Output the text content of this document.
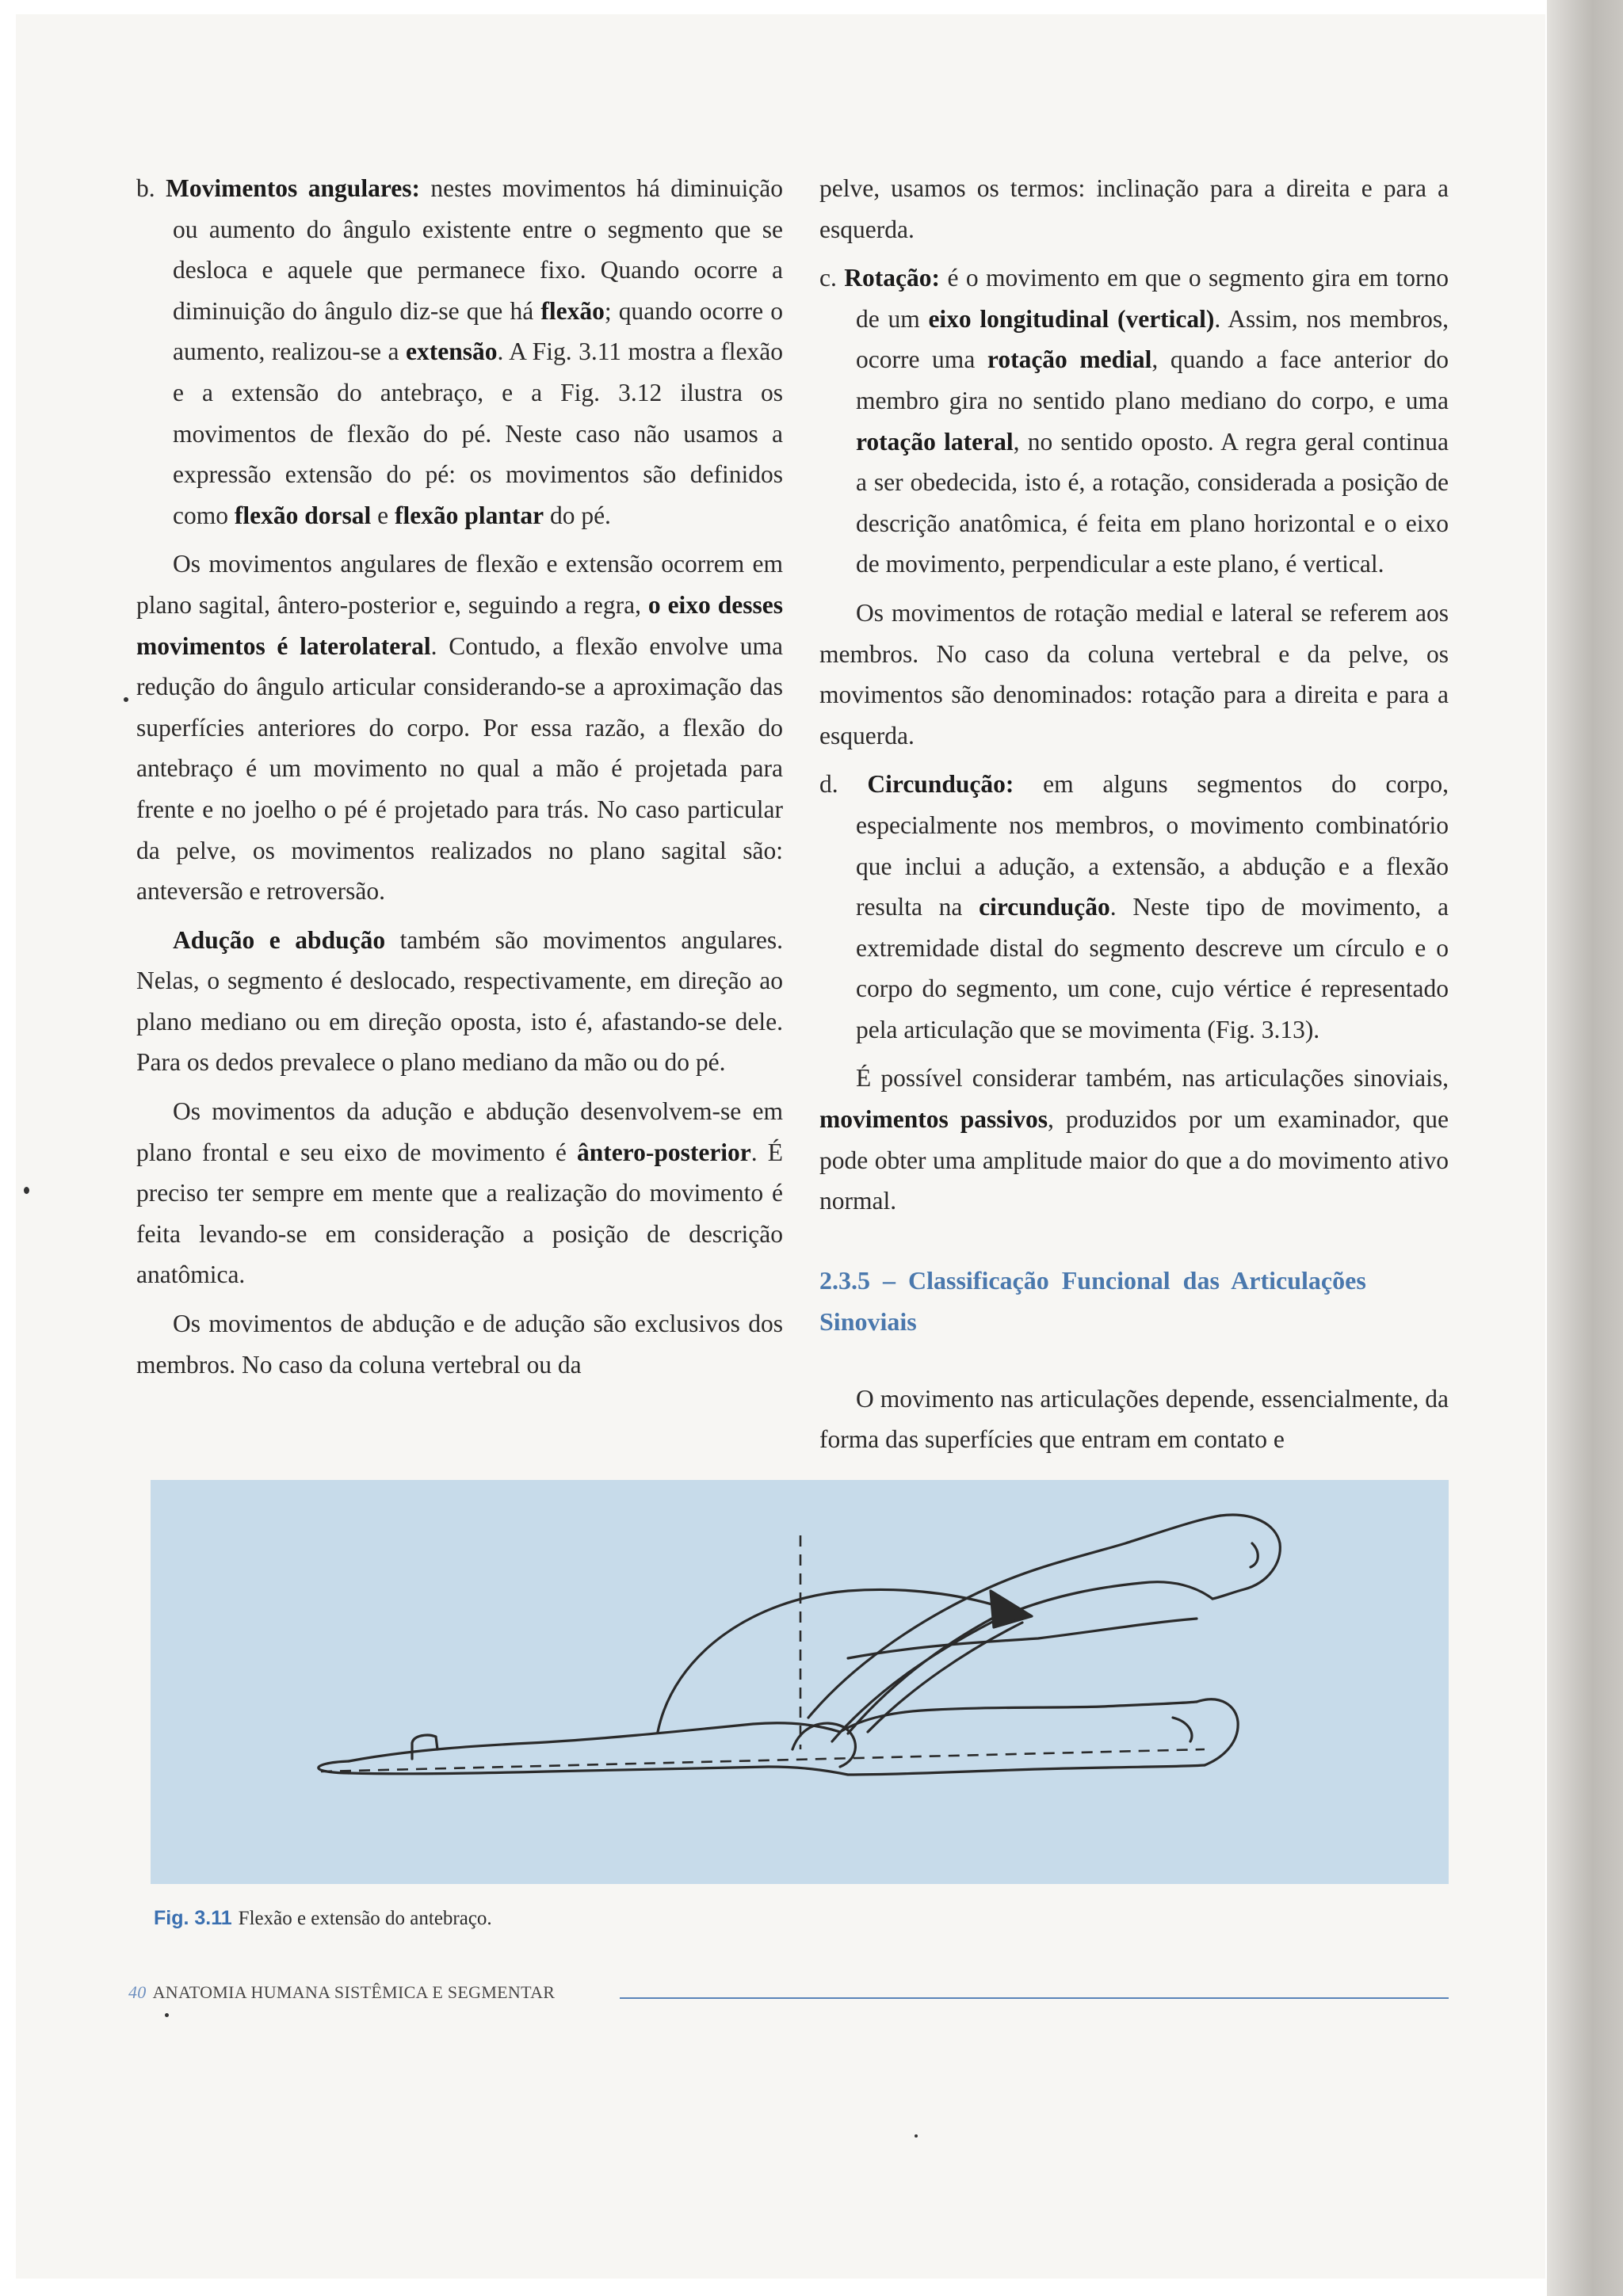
b. Movimentos angulares: nestes movimentos há diminuição ou aumento do ângulo existente entre o segmento que se desloca e aquele que permanece fixo. Quando ocorre a diminuição do ângulo diz-se que há flexão; quando ocorre o aumento, realizou-se a extensão. A Fig. 3.11 mostra a flexão e a extensão do antebraço, e a Fig. 3.12 ilustra os movimentos de flexão do pé. Neste caso não usamos a expressão extensão do pé: os movimentos são definidos como flexão dorsal e flexão plantar do pé.

Os movimentos angulares de flexão e extensão ocorrem em plano sagital, ântero-posterior e, seguindo a regra, o eixo desses movimentos é laterolateral. Contudo, a flexão envolve uma redução do ângulo articular considerando-se a aproximação das superfícies anteriores do corpo. Por essa razão, a flexão do antebraço é um movimento no qual a mão é projetada para frente e no joelho o pé é projetado para trás. No caso particular da pelve, os movimentos realizados no plano sagital são: anteversão e retroversão.

Adução e abdução também são movimentos angulares. Nelas, o segmento é deslocado, respectivamente, em direção ao plano mediano ou em direção oposta, isto é, afastando-se dele. Para os dedos prevalece o plano mediano da mão ou do pé.

Os movimentos da adução e abdução desenvolvem-se em plano frontal e seu eixo de movimento é ântero-posterior. É preciso ter sempre em mente que a realização do movimento é feita levando-se em consideração a posição de descrição anatômica.

Os movimentos de abdução e de adução são exclusivos dos membros. No caso da coluna vertebral ou da

pelve, usamos os termos: inclinação para a direita e para a esquerda.

c. Rotação: é o movimento em que o segmento gira em torno de um eixo longitudinal (vertical). Assim, nos membros, ocorre uma rotação medial, quando a face anterior do membro gira no sentido plano mediano do corpo, e uma rotação lateral, no sentido oposto. A regra geral continua a ser obedecida, isto é, a rotação, considerada a posição de descrição anatômica, é feita em plano horizontal e o eixo de movimento, perpendicular a este plano, é vertical.

Os movimentos de rotação medial e lateral se referem aos membros. No caso da coluna vertebral e da pelve, os movimentos são denominados: rotação para a direita e para a esquerda.

d. Circundução: em alguns segmentos do corpo, especialmente nos membros, o movimento combinatório que inclui a adução, a extensão, a abdução e a flexão resulta na circundução. Neste tipo de movimento, a extremidade distal do segmento descreve um círculo e o corpo do segmento, um cone, cujo vértice é representado pela articulação que se movimenta (Fig. 3.13).

É possível considerar também, nas articulações sinoviais, movimentos passivos, produzidos por um examinador, que pode obter uma amplitude maior do que a do movimento ativo normal.

2.3.5 – Classificação Funcional das Articulações Sinoviais

O movimento nas articulações depende, essencialmente, da forma das superfícies que entram em contato e

Fig. 3.11 Flexão e extensão do antebraço.
40 ANATOMIA HUMANA SISTÊMICA E SEGMENTAR
